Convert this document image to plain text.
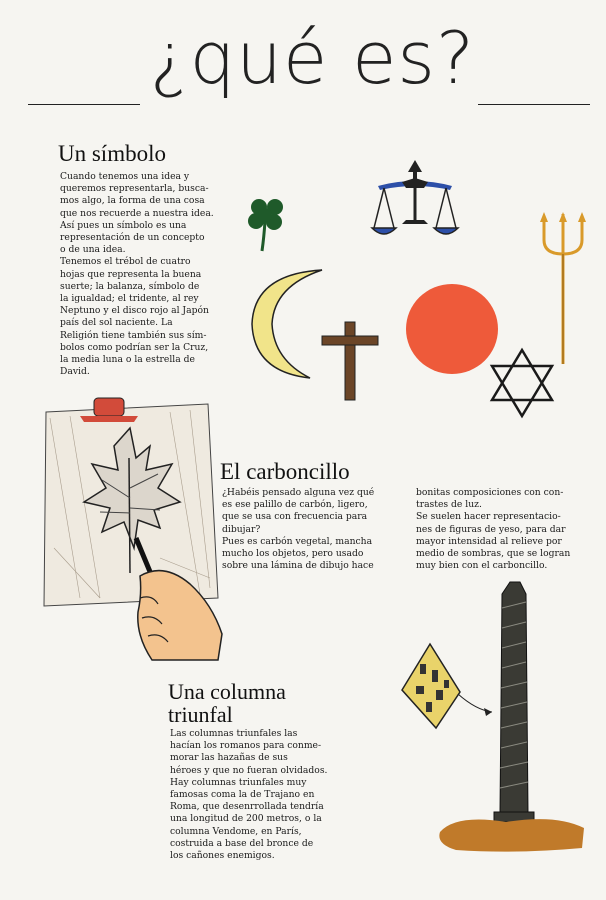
¿qué es?
Un símbolo

Cuando tenemos una idea y

queremos representarla, busca-

mos algo, la forma de una cosa

que nos recuerde a nuestra idea.

Así pues un símbolo es una

representación de un concepto

o de una idea.

Tenemos el trébol de cuatro

hojas que representa la buena

suerte; la balanza, símbolo de

la igualdad; el tridente, al rey

Neptuno y el disco rojo al Japón

país del sol naciente. La

Religión tiene también sus sím-

bolos como podrían ser la Cruz,

la media luna o la estrella de

David.

El carboncillo

¿Habéis pensado alguna vez qué

es ese palillo de carbón, ligero,

que se usa con frecuencia para

dibujar?

Pues es carbón vegetal, mancha

mucho los objetos, pero usado

sobre una lámina de dibujo hace

bonitas composiciones con con-

trastes de luz.

Se suelen hacer representacio-

nes de figuras de yeso, para dar

mayor intensidad al relieve por

medio de sombras, que se logran

muy bien con el carboncillo.

Una columna
triunfal

Las columnas triunfales las

hacían los romanos para conme-

morar las hazañas de sus

héroes y que no fueran olvidados.

Hay columnas triunfales muy

famosas coma la de Trajano en

Roma, que desenrrollada tendría

una longitud de 200 metros, o la

columna Vendome, en París,

costruida a base del bronce de

los cañones enemigos.
